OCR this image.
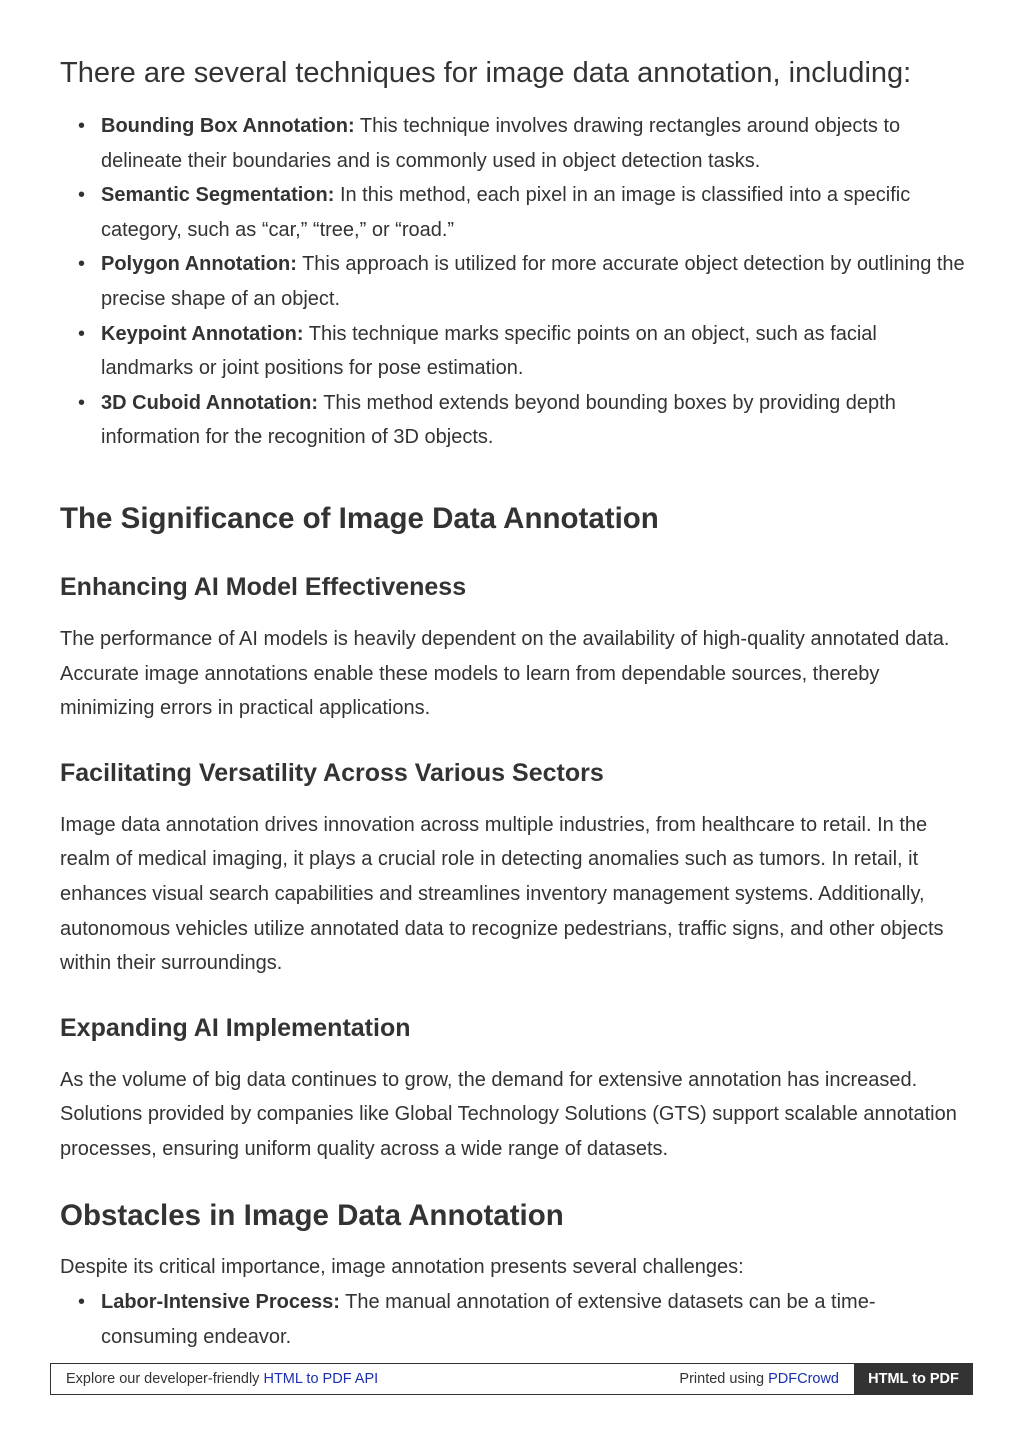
There are several techniques for image data annotation, including:
• Bounding Box Annotation: This technique involves drawing rectangles around objects to delineate their boundaries and is commonly used in object detection tasks.
• Semantic Segmentation: In this method, each pixel in an image is classified into a specific category, such as “car,” “tree,” or “road.”
• Polygon Annotation: This approach is utilized for more accurate object detection by outlining the precise shape of an object.
• Keypoint Annotation: This technique marks specific points on an object, such as facial landmarks or joint positions for pose estimation.
• 3D Cuboid Annotation: This method extends beyond bounding boxes by providing depth information for the recognition of 3D objects.
The Significance of Image Data Annotation
Enhancing AI Model Effectiveness

The performance of AI models is heavily dependent on the availability of high-quality annotated data. Accurate image annotations enable these models to learn from dependable sources, thereby minimizing errors in practical applications.

Facilitating Versatility Across Various Sectors

Image data annotation drives innovation across multiple industries, from healthcare to retail. In the realm of medical imaging, it plays a crucial role in detecting anomalies such as tumors. In retail, it enhances visual search capabilities and streamlines inventory management systems. Additionally, autonomous vehicles utilize annotated data to recognize pedestrians, traffic signs, and other objects within their surroundings.

Expanding AI Implementation

As the volume of big data continues to grow, the demand for extensive annotation has increased. Solutions provided by companies like Global Technology Solutions (GTS) support scalable annotation processes, ensuring uniform quality across a wide range of datasets.

Obstacles in Image Data Annotation

Despite its critical importance, image annotation presents several challenges:

• Labor-Intensive Process: The manual annotation of extensive datasets can be a time-consuming endeavor.
Explore our developer-friendly HTML to PDF API	Printed using PDFCrowd	HTML to PDF
